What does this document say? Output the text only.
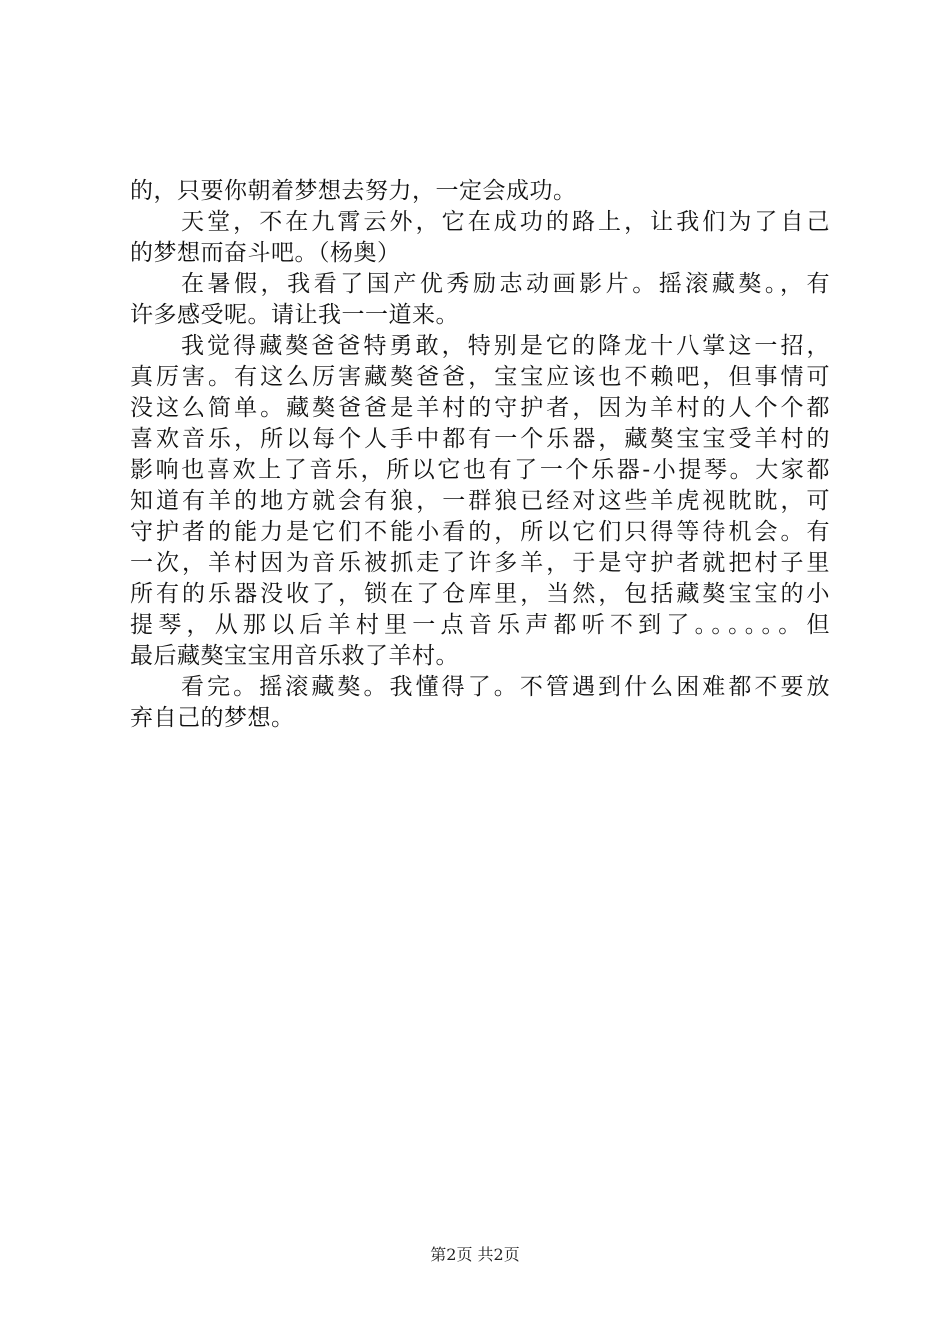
的，只要你朝着梦想去努力，一定会成功。
天堂，不在九霄云外，它在成功的路上，让我们为了自己
的梦想而奋斗吧。（杨奥）
在暑假，我看了国产优秀励志动画影片。摇滚藏獒。，有
许多感受呢。请让我一一道来。
我觉得藏獒爸爸特勇敢，特别是它的降龙十八掌这一招，
真厉害。有这么厉害藏獒爸爸，宝宝应该也不赖吧，但事情可
没这么简单。藏獒爸爸是羊村的守护者，因为羊村的人个个都
喜欢音乐，所以每个人手中都有一个乐器，藏獒宝宝受羊村的
影响也喜欢上了音乐，所以它也有了一个乐器-小提琴。大家都
知道有羊的地方就会有狼，一群狼已经对这些羊虎视眈眈，可
守护者的能力是它们不能小看的，所以它们只得等待机会。有
一次，羊村因为音乐被抓走了许多羊，于是守护者就把村子里
所有的乐器没收了，锁在了仓库里，当然，包括藏獒宝宝的小
提琴，从那以后羊村里一点音乐声都听不到了。。。。。。但
最后藏獒宝宝用音乐救了羊村。
看完。摇滚藏獒。我懂得了。不管遇到什么困难都不要放
弃自己的梦想。
第2页 共2页
